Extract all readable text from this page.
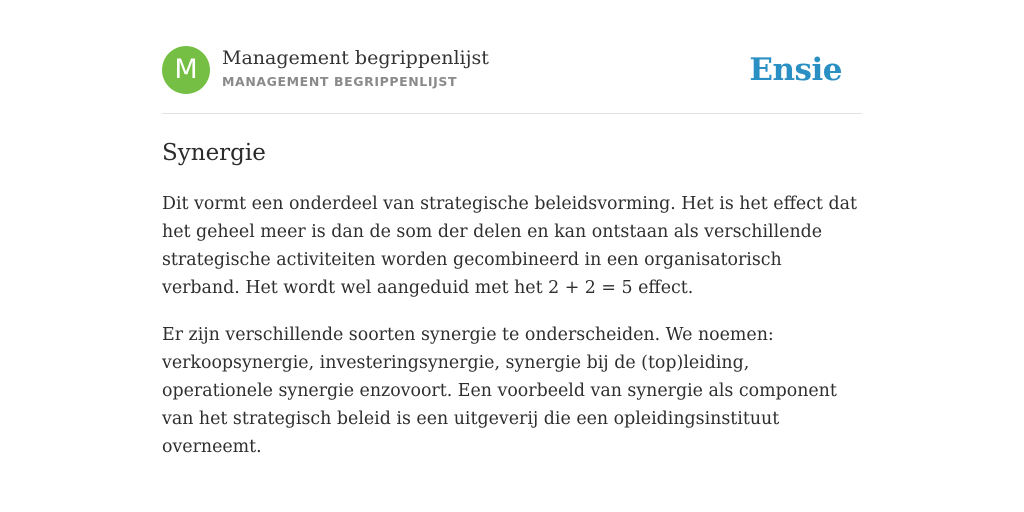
M	Management begrippenlijst
MANAGEMENT BEGRIPPENLIJST	Ensie
Synergie

Dit vormt een onderdeel van strategische beleidsvorming. Het is het effect dat het geheel meer is dan de som der delen en kan ontstaan als verschillende strategische activiteiten worden gecombineerd in een organisatorisch verband. Het wordt wel aangeduid met het 2 + 2 = 5 effect.

Er zijn verschillende soorten synergie te onderscheiden. We noemen: verkoopsynergie, investeringsynergie, synergie bij de (top)leiding, operationele synergie enzovoort. Een voorbeeld van synergie als component van het strategisch beleid is een uitgeverij die een opleidingsinstituut overneemt.
